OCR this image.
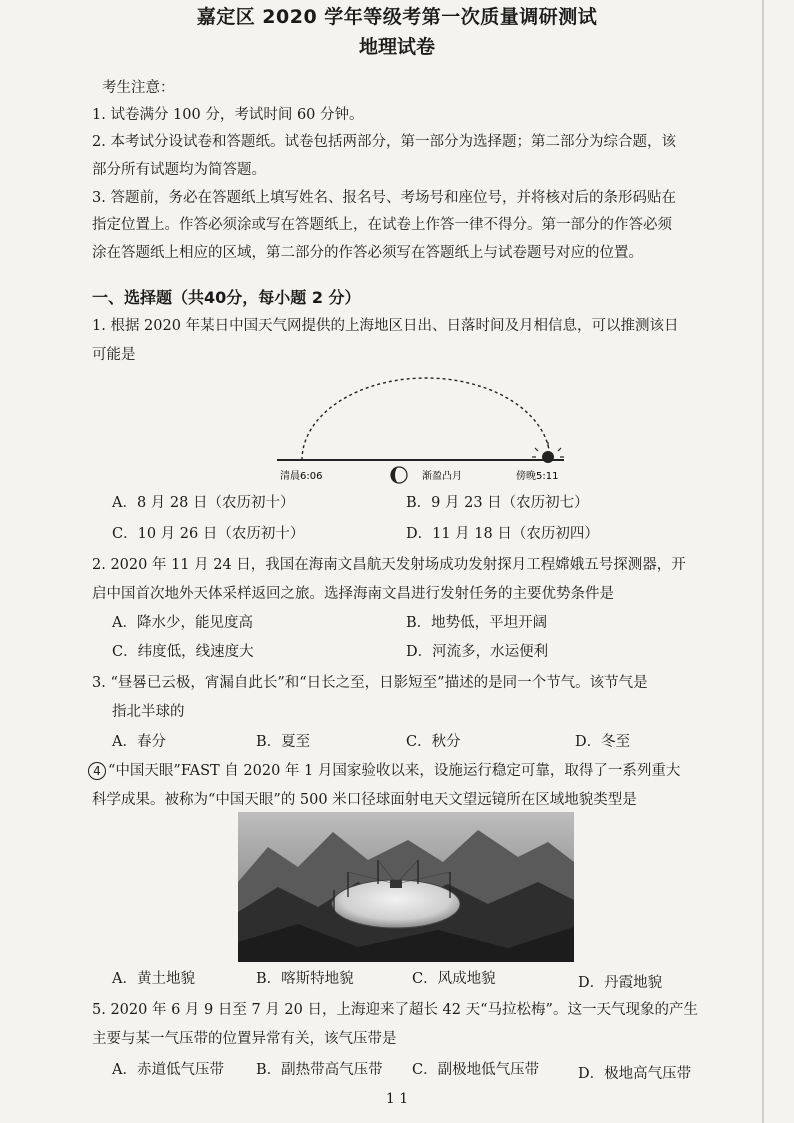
嘉定区 2020 学年等级考第一次质量调研测试
地理试卷
考生注意：
1. 试卷满分 100 分，考试时间 60 分钟。
2. 本考试分设试卷和答题纸。试卷包括两部分，第一部分为选择题；第二部分为综合题，该
部分所有试题均为简答题。
3. 答题前，务必在答题纸上填写姓名、报名号、考场号和座位号，并将核对后的条形码贴在
指定位置上。作答必须涂或写在答题纸上，在试卷上作答一律不得分。第一部分的作答必须
涂在答题纸上相应的区域，第二部分的作答必须写在答题纸上与试卷题号对应的位置。
一、选择题（共40分，每小题 2 分）
1. 根据 2020 年某日中国天气网提供的上海地区日出、日落时间及月相信息，可以推测该日
可能是
清晨6:06	渐盈凸月	傍晚5:11
A．8 月 28 日（农历初十）	B．9 月 23 日（农历初七）
C．10 月 26 日（农历初十）	D．11 月 18 日（农历初四）
2. 2020 年 11 月 24 日，我国在海南文昌航天发射场成功发射探月工程嫦娥五号探测器，开
启中国首次地外天体采样返回之旅。选择海南文昌进行发射任务的主要优势条件是
A．降水少，能见度高	B．地势低，平坦开阔
C．纬度低，线速度大	D．河流多，水运便利
3. “昼晷已云极，宵漏自此长”和“日长之至，日影短至”描述的是同一个节气。该节气是
指北半球的
A．春分	B．夏至	C．秋分	D．冬至
4 “中国天眼”FAST 自 2020 年 1 月国家验收以来，设施运行稳定可靠，取得了一系列重大
科学成果。被称为“中国天眼”的 500 米口径球面射电天文望远镜所在区域地貌类型是
A．黄土地貌	B．喀斯特地貌	C．风成地貌	D．丹霞地貌
5. 2020 年 6 月 9 日至 7 月 20 日，上海迎来了超长 42 天“马拉松梅”。这一天气现象的产生
主要与某一气压带的位置异常有关，该气压带是
A．赤道低气压带 B．副热带高气压带 C．副极地低气压带	D．极地高气压带
1 1
